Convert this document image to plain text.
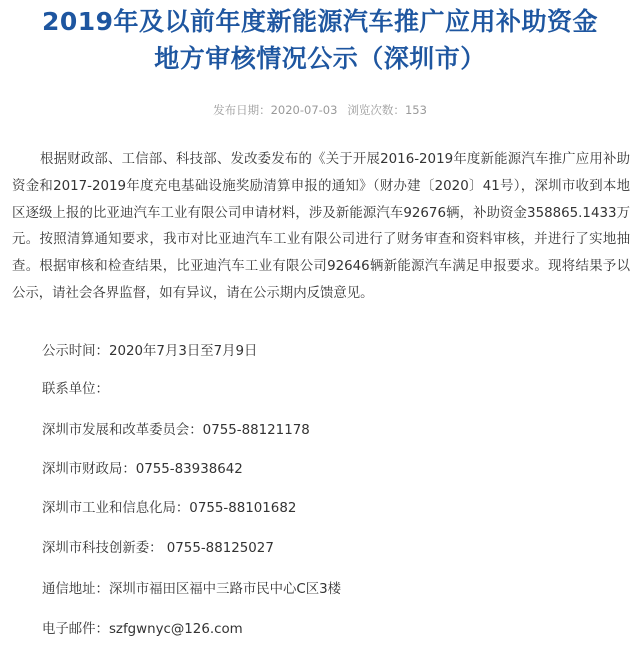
2019年及以前年度新能源汽车推广应用补助资金
地方审核情况公示（深圳市）
发布日期：2020-07-03 浏览次数：153

根据财政部、工信部、科技部、发改委发布的《关于开展2016-2019年度新能源汽车推广应用补助资金和2017-2019年度充电基础设施奖励清算申报的通知》（财办建〔2020〕41号），深圳市收到本地区逐级上报的比亚迪汽车工业有限公司申请材料，涉及新能源汽车92676辆，补助资金358865.1433万元。按照清算通知要求，我市对比亚迪汽车工业有限公司进行了财务审查和资料审核，并进行了实地抽查。根据审核和检查结果，比亚迪汽车工业有限公司92646辆新能源汽车满足申报要求。现将结果予以公示，请社会各界监督，如有异议，请在公示期内反馈意见。

公示时间：2020年7月3日至7月9日

联系单位：

深圳市发展和改革委员会：0755-88121178

深圳市财政局：0755-83938642

深圳市工业和信息化局：0755-88101682

深圳市科技创新委： 0755-88125027

通信地址：深圳市福田区福中三路市民中心C区3楼

电子邮件：szfgwnyc@126.com
